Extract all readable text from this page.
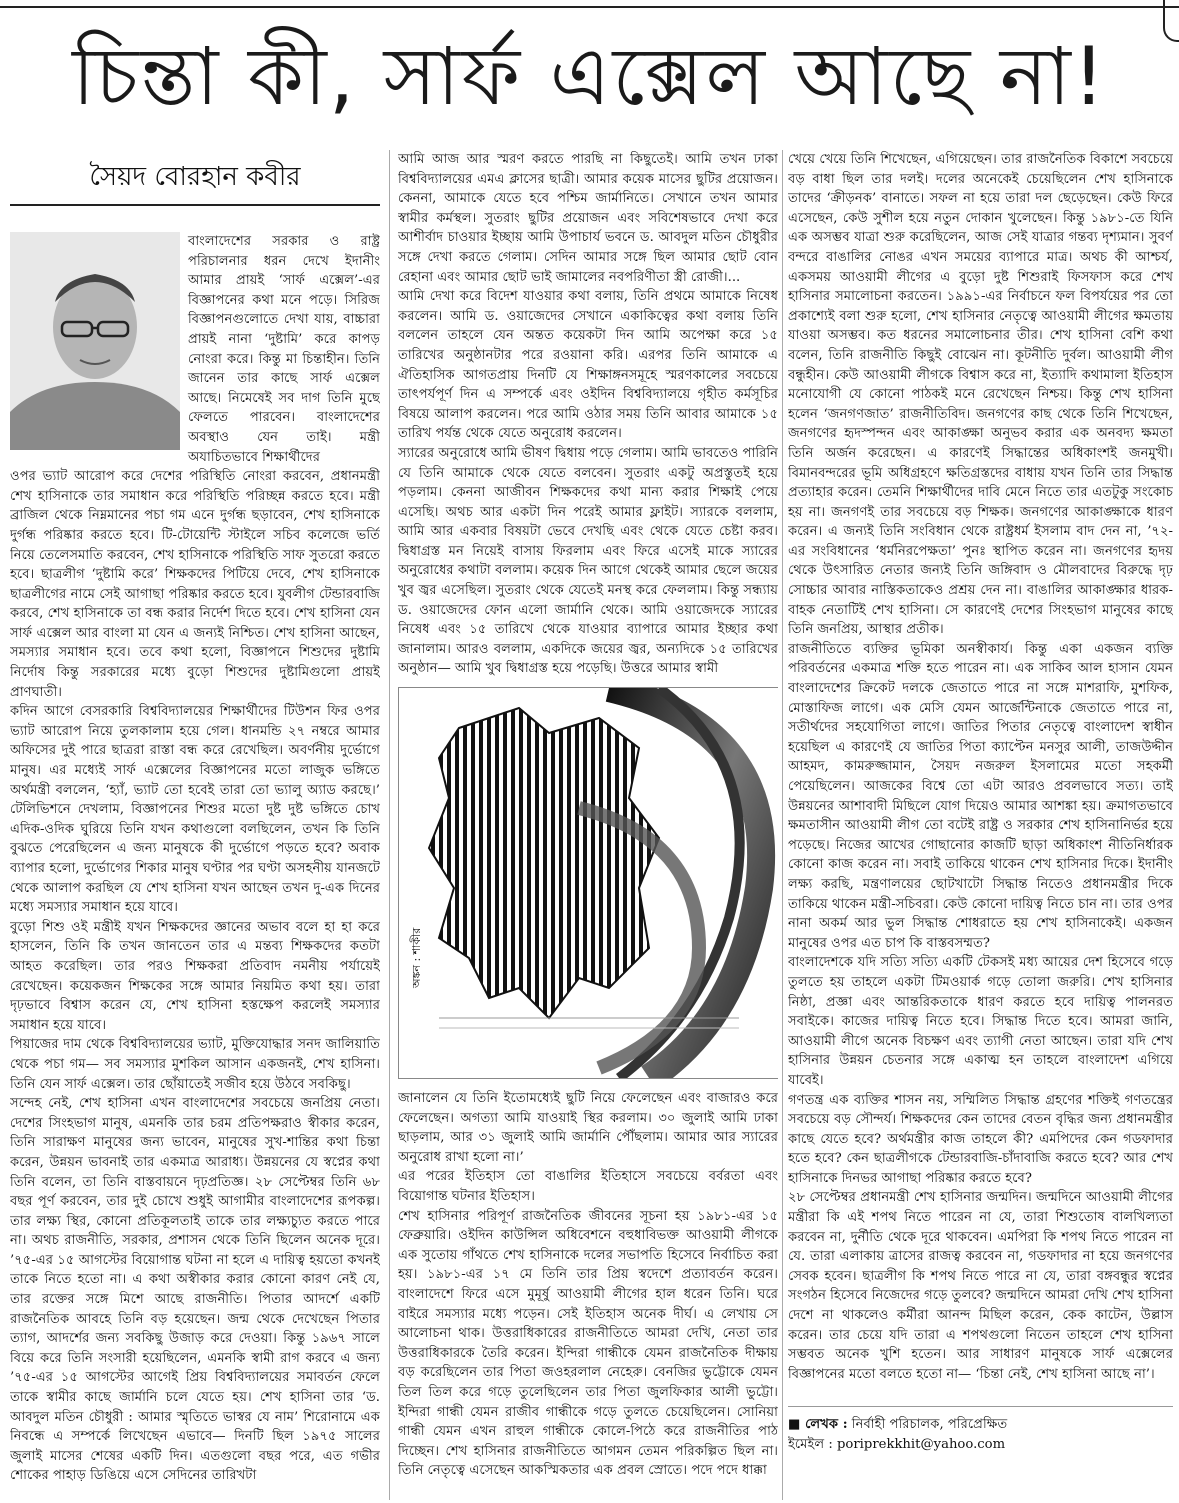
চিন্তা কী, সার্ফ এক্সেল আছে না!
সৈয়দ বোরহান কবীর

বাংলাদেশের সরকার ও রাষ্ট্র পরিচালনার ধরন দেখে ইদানীং আমার প্রায়ই ‘সার্ফ এক্সেল’-এর বিজ্ঞাপনের কথা মনে পড়ে। সিরিজ বিজ্ঞাপনগুলোতে দেখা যায়, বাচ্চারা প্রায়ই নানা ‘দুষ্টামি’ করে কাপড় নোংরা করে। কিন্তু মা চিন্তাহীন। তিনি জানেন তার কাছে সার্ফ এক্সেল আছে। নিমেষেই সব দাগ তিনি মুছে ফেলতে পারবেন। বাংলাদেশের অবস্থাও যেন তাই। মন্ত্রী অযাচিতভাবে শিক্ষার্থীদের

ওপর ভ্যাট আরোপ করে দেশের পরিস্থিতি নোংরা করবেন, প্রধানমন্ত্রী শেখ হাসিনাকে তার সমাধান করে পরিস্থিতি পরিচ্ছন্ন করতে হবে। মন্ত্রী ব্রাজিল থেকে নিম্নমানের পচা গম এনে দুর্গন্ধ ছড়াবেন, শেখ হাসিনাকে দুর্গন্ধ পরিষ্কার করতে হবে। টি-টোয়েন্টি স্টাইলে সচিব কলেজে ভর্তি নিয়ে তেলেসমাতি করবেন, শেখ হাসিনাকে পরিস্থিতি সাফ সুতরো করতে হবে। ছাত্রলীগ ‘দুষ্টামি করে’ শিক্ষকদের পিটিয়ে দেবে, শেখ হাসিনাকে ছাত্রলীগের নামে সেই আগাছা পরিষ্কার করতে হবে। যুবলীগ টেন্ডারবাজি করবে, শেখ হাসিনাকে তা বন্ধ করার নির্দেশ দিতে হবে। শেখ হাসিনা যেন সার্ফ এক্সেল আর বাংলা মা যেন এ জন্যই নিশ্চিত। শেখ হাসিনা আছেন, সমস্যার সমাধান হবে। তবে কথা হলো, বিজ্ঞাপনে শিশুদের দুষ্টামি নির্দোষ কিন্তু সরকারের মধ্যে বুড়ো শিশুদের দুষ্টামিগুলো প্রায়ই প্রাণঘাতী।

কদিন আগে বেসরকারি বিশ্ববিদ্যালয়ের শিক্ষার্থীদের টিউশন ফির ওপর ভ্যাট আরোপ নিয়ে তুলকালাম হয়ে গেল। ধানমন্ডি ২৭ নম্বরে আমার অফিসের দুই পারে ছাত্ররা রাস্তা বন্ধ করে রেখেছিল। অবর্ণনীয় দুর্ভোগে মানুষ। এর মধ্যেই সার্ফ এক্সেলের বিজ্ঞাপনের মতো লাজুক ভঙ্গিতে অর্থমন্ত্রী বললেন, ‘হ্যাঁ, ভ্যাট তো হবেই তারা তো ভ্যালু অ্যাড করছে।’ টেলিভিশনে দেখলাম, বিজ্ঞাপনের শিশুর মতো দুষ্ট দুষ্ট ভঙ্গিতে চোখ এদিক-ওদিক ঘুরিয়ে তিনি যখন কথাগুলো বলছিলেন, তখন কি তিনি বুঝতে পেরেছিলেন এ জন্য মানুষকে কী দুর্ভোগে পড়তে হবে? অবাক ব্যাপার হলো, দুর্ভোগের শিকার মানুষ ঘণ্টার পর ঘণ্টা অসহনীয় যানজটে থেকে আলাপ করছিল যে শেখ হাসিনা যখন আছেন তখন দু-এক দিনের মধ্যে সমস্যার সমাধান হয়ে যাবে।

বুড়ো শিশু ওই মন্ত্রীই যখন শিক্ষকদের জ্ঞানের অভাব বলে হা হা করে হাসলেন, তিনি কি তখন জানতেন তার এ মন্তব্য শিক্ষকদের কতটা আহত করেছিল। তার পরও শিক্ষকরা প্রতিবাদ নমনীয় পর্যায়েই রেখেছেন। কয়েকজন শিক্ষকের সঙ্গে আমার নিয়মিত কথা হয়। তারা দৃঢ়ভাবে বিশ্বাস করেন যে, শেখ হাসিনা হস্তক্ষেপ করলেই সমস্যার সমাধান হয়ে যাবে।

পিয়াজের দাম থেকে বিশ্ববিদ্যালয়ের ভ্যাট, মুক্তিযোদ্ধার সনদ জালিয়াতি থেকে পচা গম— সব সমস্যার মুশকিল আসান একজনই, শেখ হাসিনা। তিনি যেন সার্ফ এক্সেল। তার ছোঁয়াতেই সজীব হয়ে উঠবে সবকিছু।

সন্দেহ নেই, শেখ হাসিনা এখন বাংলাদেশের সবচেয়ে জনপ্রিয় নেতা। দেশের সিংহভাগ মানুষ, এমনকি তার চরম প্রতিপক্ষরাও স্বীকার করেন, তিনি সারাক্ষণ মানুষের জন্য ভাবেন, মানুষের সুখ-শান্তির কথা চিন্তা করেন, উন্নয়ন ভাবনাই তার একমাত্র আরাধ্য। উন্নয়নের যে স্বপ্নের কথা তিনি বলেন, তা তিনি বাস্তবায়নে দৃঢ়প্রতিজ্ঞ। ২৮ সেপ্টেম্বর তিনি ৬৮ বছর পূর্ণ করবেন, তার দুই চোখে শুধুই আগামীর বাংলাদেশের রূপকল্প। তার লক্ষ্য স্থির, কোনো প্রতিকূলতাই তাকে তার লক্ষ্যচ্যুত করতে পারে না। অথচ রাজনীতি, সরকার, প্রশাসন থেকে তিনি ছিলেন অনেক দূরে। ’৭৫-এর ১৫ আগস্টের বিয়োগান্ত ঘটনা না হলে এ দায়িত্ব হয়তো কখনই তাকে নিতে হতো না। এ কথা অস্বীকার করার কোনো কারণ নেই যে, তার রক্তের সঙ্গে মিশে আছে রাজনীতি। পিতার আদর্শে একটি রাজনৈতিক আবহে তিনি বড় হয়েছেন। জন্ম থেকে দেখেছেন পিতার ত্যাগ, আদর্শের জন্য সবকিছু উজাড় করে দেওয়া। কিন্তু ১৯৬৭ সালে বিয়ে করে তিনি সংসারী হয়েছিলেন, এমনকি স্বামী রাগ করবে এ জন্য ’৭৫-এর ১৫ আগস্টের আগেই প্রিয় বিশ্ববিদ্যালয়ের সমাবর্তন ফেলে তাকে স্বামীর কাছে জার্মানি চলে যেতে হয়। শেখ হাসিনা তার ‘ড. আবদুল মতিন চৌধুরী : আমার স্মৃতিতে ভাস্বর যে নাম’ শিরোনামে এক নিবন্ধে এ সম্পর্কে লিখেছেন এভাবে— দিনটি ছিল ১৯৭৫ সালের জুলাই মাসের শেষের একটি দিন। এতগুলো বছর পরে, এত গভীর শোকের পাহাড় ডিঙিয়ে এসে সেদিনের তারিখটা

আমি আজ আর স্মরণ করতে পারছি না কিছুতেই। আমি তখন ঢাকা বিশ্ববিদ্যালয়ের এমএ ক্লাসের ছাত্রী। আমার কয়েক মাসের ছুটির প্রয়োজন। কেননা, আমাকে যেতে হবে পশ্চিম জার্মানিতে। সেখানে তখন আমার স্বামীর কর্মস্থল। সুতরাং ছুটির প্রয়োজন এবং সবিশেষভাবে দেখা করে আশীর্বাদ চাওয়ার ইচ্ছায় আমি উপাচার্য ভবনে ড. আবদুল মতিন চৌধুরীর সঙ্গে দেখা করতে গেলাম। সেদিন আমার সঙ্গে ছিল আমার ছোট বোন রেহানা এবং আমার ছোট ভাই জামালের নবপরিণীতা স্ত্রী রোজী।...

আমি দেখা করে বিদেশ যাওয়ার কথা বলায়, তিনি প্রথমে আমাকে নিষেধ করলেন। আমি ড. ওয়াজেদের সেখানে একাকিত্বের কথা বলায় তিনি বললেন তাহলে যেন অন্তত কয়েকটা দিন আমি অপেক্ষা করে ১৫ তারিখের অনুষ্ঠানটার পরে রওয়ানা করি। এরপর তিনি আমাকে এ ঐতিহাসিক আগতপ্রায় দিনটি যে শিক্ষাঙ্গনসমূহে স্মরণকালের সবচেয়ে তাৎপর্যপূর্ণ দিন এ সম্পর্কে এবং ওইদিন বিশ্ববিদ্যালয়ে গৃহীত কর্মসূচির বিষয়ে আলাপ করলেন। পরে আমি ওঠার সময় তিনি আবার আমাকে ১৫ তারিখ পর্যন্ত থেকে যেতে অনুরোধ করলেন।

স্যারের অনুরোধে আমি ভীষণ দ্বিধায় পড়ে গেলাম। আমি ভাবতেও পারিনি যে তিনি আমাকে থেকে যেতে বলবেন। সুতরাং একটু অপ্রস্তুতই হয়ে পড়লাম। কেননা আজীবন শিক্ষকদের কথা মান্য করার শিক্ষাই পেয়ে এসেছি। অথচ আর একটা দিন পরেই আমার ফ্লাইট। স্যারকে বললাম, আমি আর একবার বিষয়টা ভেবে দেখছি এবং থেকে যেতে চেষ্টা করব। দ্বিধাগ্রস্ত মন নিয়েই বাসায় ফিরলাম এবং ফিরে এসেই মাকে স্যারের অনুরোধের কথাটা বললাম। কয়েক দিন আগে থেকেই আমার ছেলে জয়ের খুব জ্বর এসেছিল। সুতরাং থেকে যেতেই মনস্থ করে ফেললাম। কিন্তু সন্ধ্যায় ড. ওয়াজেদের ফোন এলো জার্মানি থেকে। আমি ওয়াজেদকে স্যারের নিষেধ এবং ১৫ তারিখে থেকে যাওয়ার ব্যাপারে আমার ইচ্ছার কথা জানালাম। আরও বললাম, একদিকে জয়ের জ্বর, অন্যদিকে ১৫ তারিখের অনুষ্ঠান— আমি খুব দ্বিধাগ্রস্ত হয়ে পড়েছি। উত্তরে আমার স্বামী

অঙ্কন : শাকীর

জানালেন যে তিনি ইতোমধ্যেই ছুটি নিয়ে ফেলেছেন এবং বাজারও করে ফেলেছেন। অগত্যা আমি যাওয়াই স্থির করলাম। ৩০ জুলাই আমি ঢাকা ছাড়লাম, আর ৩১ জুলাই আমি জার্মানি পৌঁছলাম। আমার আর স্যারের অনুরোধ রাখা হলো না।’

এর পরের ইতিহাস তো বাঙালির ইতিহাসে সবচেয়ে বর্বরতা এবং বিয়োগান্ত ঘটনার ইতিহাস।

শেখ হাসিনার পরিপূর্ণ রাজনৈতিক জীবনের সূচনা হয় ১৯৮১-এর ১৫ ফেব্রুয়ারি। ওইদিন কাউন্সিল অধিবেশনে বহুধাবিভক্ত আওয়ামী লীগকে এক সুতোয় গাঁথতে শেখ হাসিনাকে দলের সভাপতি হিসেবে নির্বাচিত করা হয়। ১৯৮১-এর ১৭ মে তিনি তার প্রিয় স্বদেশে প্রত্যাবর্তন করেন। বাংলাদেশে ফিরে এসে মুমূর্ষু আওয়ামী লীগের হাল ধরেন তিনি। ঘরে বাইরে সমস্যার মধ্যে পড়েন। সেই ইতিহাস অনেক দীর্ঘ। এ লেখায় সে আলোচনা থাক। উত্তরাধিকারের রাজনীতিতে আমরা দেখি, নেতা তার উত্তরাধিকারকে তৈরি করেন। ইন্দিরা গান্ধীকে যেমন রাজনৈতিক দীক্ষায় বড় করেছিলেন তার পিতা জওহরলাল নেহেরু। বেনজির ভুট্টোকে যেমন তিল তিল করে গড়ে তুলেছিলেন তার পিতা জুলফিকার আলী ভুট্টো। ইন্দিরা গান্ধী যেমন রাজীব গান্ধীকে গড়ে তুলতে চেয়েছিলেন। সোনিয়া গান্ধী যেমন এখন রাহুল গান্ধীকে কোলে-পিঠে করে রাজনীতির পাঠ দিচ্ছেন। শেখ হাসিনার রাজনীতিতে আগমন তেমন পরিকল্পিত ছিল না। তিনি নেতৃত্বে এসেছেন আকস্মিকতার এক প্রবল স্রোতে। পদে পদে ধাক্কা

খেয়ে খেয়ে তিনি শিখেছেন, এগিয়েছেন। তার রাজনৈতিক বিকাশে সবচেয়ে বড় বাধা ছিল তার দলই। দলের অনেকেই চেয়েছিলেন শেখ হাসিনাকে তাদের ‘ক্রীড়নক’ বানাতে। সফল না হয়ে তারা দল ছেড়েছেন। কেউ ফিরে এসেছেন, কেউ সুশীল হয়ে নতুন দোকান খুলেছেন। কিন্তু ১৯৮১-তে যিনি এক অসম্ভব যাত্রা শুরু করেছিলেন, আজ সেই যাত্রার গন্তব্য দৃশ্যমান। সুবর্ণ বন্দরে বাঙালির নোঙর এখন সময়ের ব্যাপারে মাত্র। অথচ কী আশ্চর্য, একসময় আওয়ামী লীগের এ বুড়ো দুষ্ট শিশুরাই ফিসফাস করে শেখ হাসিনার সমালোচনা করতেন। ১৯৯১-এর নির্বাচনে ফল বিপর্যয়ের পর তো প্রকাশ্যেই বলা শুরু হলো, শেখ হাসিনার নেতৃত্বে আওয়ামী লীগের ক্ষমতায় যাওয়া অসম্ভব। কত ধরনের সমালোচনার তীর। শেখ হাসিনা বেশি কথা বলেন, তিনি রাজনীতি কিছুই বোঝেন না। কূটনীতি দুর্বল। আওয়ামী লীগ বন্ধুহীন। কেউ আওয়ামী লীগকে বিশ্বাস করে না, ইত্যাদি কথামালা ইতিহাস মনোযোগী যে কোনো পাঠকই মনে রেখেছেন নিশ্চয়। কিন্তু শেখ হাসিনা হলেন ‘জনগণজাত’ রাজনীতিবিদ। জনগণের কাছ থেকে তিনি শিখেছেন, জনগণের হৃদস্পন্দন এবং আকাঙ্ক্ষা অনুভব করার এক অনবদ্য ক্ষমতা তিনি অর্জন করেছেন। এ কারণেই সিদ্ধান্তের অধিকাংশই জনমুখী। বিমানবন্দরের ভূমি অধিগ্রহণে ক্ষতিগ্রস্তদের বাধায় যখন তিনি তার সিদ্ধান্ত প্রত্যাহার করেন। তেমনি শিক্ষার্থীদের দাবি মেনে নিতে তার এতটুকু সংকোচ হয় না। জনগণই তার সবচেয়ে বড় শিক্ষক। জনগণের আকাঙ্ক্ষাকে ধারণ করেন। এ জন্যই তিনি সংবিধান থেকে রাষ্ট্রধর্ম ইসলাম বাদ দেন না, ’৭২-এর সংবিধানের ‘ধর্মনিরপেক্ষতা’ পুনঃ স্থাপিত করেন না। জনগণের হৃদয় থেকে উৎসারিত নেতার জন্যই তিনি জঙ্গিবাদ ও মৌলবাদের বিরুদ্ধে দৃঢ় সোচ্চার আবার নাস্তিকতাকেও প্রশ্রয় দেন না। বাঙালির আকাঙ্ক্ষার ধারক-বাহক নেতাটিই শেখ হাসিনা। সে কারণেই দেশের সিংহভাগ মানুষের কাছে তিনি জনপ্রিয়, আস্থার প্রতীক।

রাজনীতিতে ব্যক্তির ভূমিকা অনস্বীকার্য। কিন্তু একা একজন ব্যক্তি পরিবর্তনের একমাত্র শক্তি হতে পারেন না। এক সাকিব আল হাসান যেমন বাংলাদেশের ক্রিকেট দলকে জেতাতে পারে না সঙ্গে মাশরাফি, মুশফিক, মোস্তাফিজ লাগে। এক মেসি যেমন আর্জেন্টিনাকে জেতাতে পারে না, সতীর্থদের সহযোগিতা লাগে। জাতির পিতার নেতৃত্বে বাংলাদেশ স্বাধীন হয়েছিল এ কারণেই যে জাতির পিতা ক্যাপ্টেন মনসুর আলী, তাজউদ্দীন আহমদ, কামরুজ্জামান, সৈয়দ নজরুল ইসলামের মতো সহকর্মী পেয়েছিলেন। আজকের বিশ্বে তো এটা আরও প্রবলভাবে সত্য। তাই উন্নয়নের আশাবাদী মিছিলে যোগ দিয়েও আমার আশঙ্কা হয়। ক্রমাগতভাবে ক্ষমতাসীন আওয়ামী লীগ তো বটেই রাষ্ট্র ও সরকার শেখ হাসিনানির্ভর হয়ে পড়েছে। নিজের আখের গোছানোর কাজটি ছাড়া অধিকাংশ নীতিনির্ধারক কোনো কাজ করেন না। সবাই তাকিয়ে থাকেন শেখ হাসিনার দিকে। ইদানীং লক্ষ্য করছি, মন্ত্রণালয়ের ছোটখাটো সিদ্ধান্ত নিতেও প্রধানমন্ত্রীর দিকে তাকিয়ে থাকেন মন্ত্রী-সচিবরা। কেউ কোনো দায়িত্ব নিতে চান না। তার ওপর নানা অকর্ম আর ভুল সিদ্ধান্ত শোধরাতে হয় শেখ হাসিনাকেই। একজন মানুষের ওপর এত চাপ কি বাস্তবসম্মত?

বাংলাদেশকে যদি সত্যি সত্যি একটি টেকসই মধ্য আয়ের দেশ হিসেবে গড়ে তুলতে হয় তাহলে একটা টিমওয়ার্ক গড়ে তোলা জরুরি। শেখ হাসিনার নিষ্ঠা, প্রজ্ঞা এবং আন্তরিকতাকে ধারণ করতে হবে দায়িত্ব পালনরত সবাইকে। কাজের দায়িত্ব নিতে হবে। সিদ্ধান্ত দিতে হবে। আমরা জানি, আওয়ামী লীগে অনেক বিচক্ষণ এবং ত্যাগী নেতা আছেন। তারা যদি শেখ হাসিনার উন্নয়ন চেতনার সঙ্গে একাত্ম হন তাহলে বাংলাদেশ এগিয়ে যাবেই।

গণতন্ত্র এক ব্যক্তির শাসন নয়, সম্মিলিত সিদ্ধান্ত গ্রহণের শক্তিই গণতন্ত্রের সবচেয়ে বড় সৌন্দর্য। শিক্ষকদের কেন তাদের বেতন বৃদ্ধির জন্য প্রধানমন্ত্রীর কাছে যেতে হবে? অর্থমন্ত্রীর কাজ তাহলে কী? এমপিদের কেন গডফাদার হতে হবে? কেন ছাত্রলীগকে টেন্ডারবাজি-চাঁদাবাজি করতে হবে? আর শেখ হাসিনাকে দিনভর আগাছা পরিষ্কার করতে হবে?

২৮ সেপ্টেম্বর প্রধানমন্ত্রী শেখ হাসিনার জন্মদিন। জন্মদিনে আওয়ামী লীগের মন্ত্রীরা কি এই শপথ নিতে পারেন না যে, তারা শিশুতোষ বালখিল্যতা করবেন না, দুর্নীতি থেকে দূরে থাকবেন। এমপিরা কি শপথ নিতে পারেন না যে. তারা এলাকায় ত্রাসের রাজত্ব করবেন না, গডফাদার না হয়ে জনগণের সেবক হবেন। ছাত্রলীগ কি শপথ নিতে পারে না যে, তারা বঙ্গবন্ধুর স্বপ্নের সংগঠন হিসেবে নিজেদের গড়ে তুলবে? জন্মদিনে আমরা দেখি শেখ হাসিনা দেশে না থাকলেও কর্মীরা আনন্দ মিছিল করেন, কেক কাটেন, উল্লাস করেন। তার চেয়ে যদি তারা এ শপথগুলো নিতেন তাহলে শেখ হাসিনা সম্ভবত অনেক খুশি হতেন। আর সাধারণ মানুষকে সার্ফ এক্সেলের বিজ্ঞাপনের মতো বলতে হতো না— ‘চিন্তা নেই, শেখ হাসিনা আছে না’।

■ লেখক : নির্বাহী পরিচালক, পরিপ্রেক্ষিত
ইমেইল : poriprekkhit@yahoo.com
